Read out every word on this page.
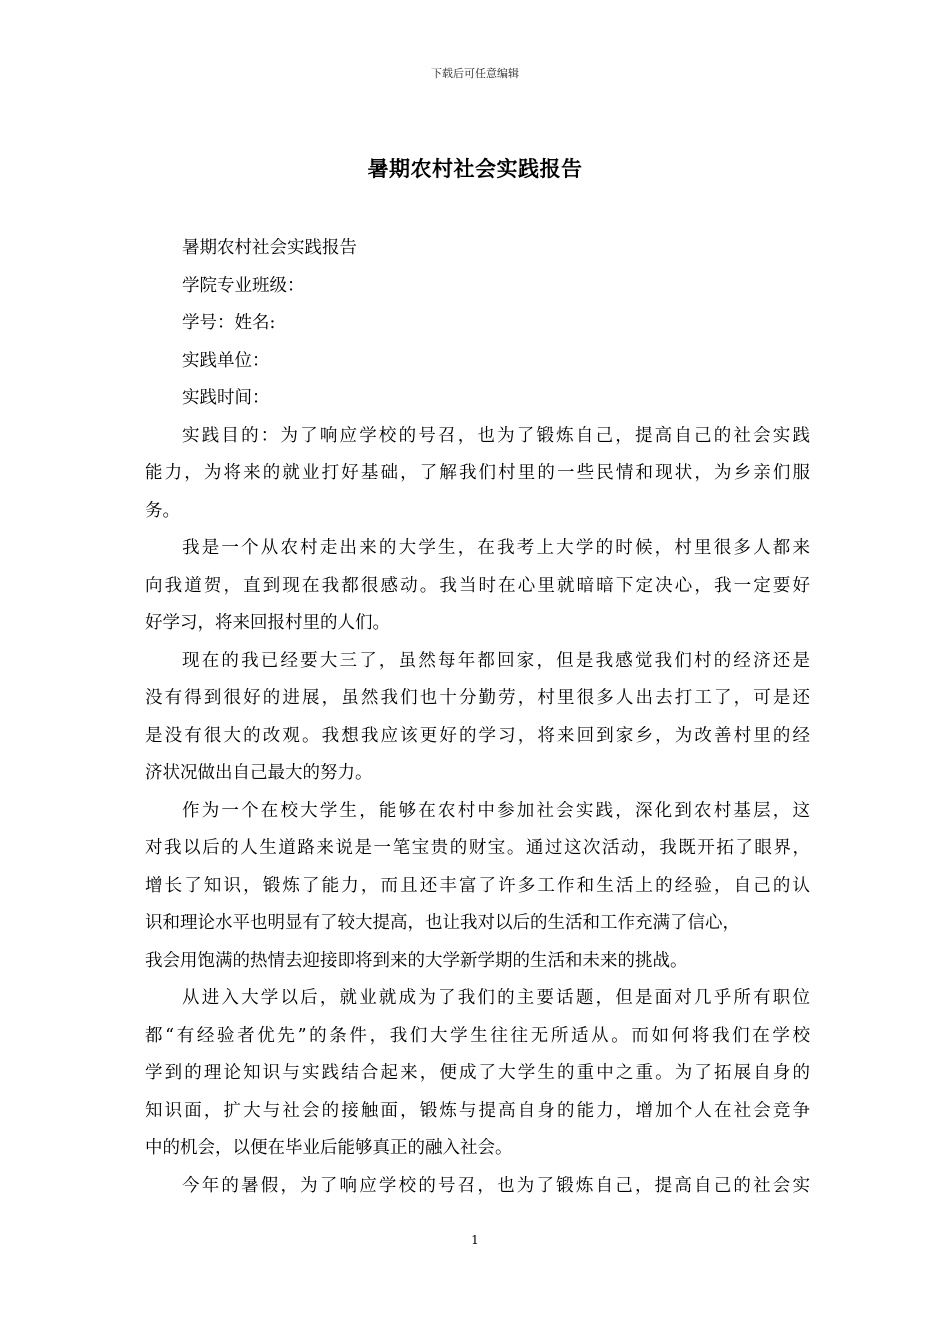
下载后可任意编辑
暑期农村社会实践报告
暑期农村社会实践报告
学院专业班级：
学号：姓名:
实践单位：
实践时间：
实践目的：为了响应学校的号召，也为了锻炼自己，提高自己的社会实践
能力，为将来的就业打好基础，了解我们村里的一些民情和现状，为乡亲们服
务。
我是一个从农村走出来的大学生，在我考上大学的时候，村里很多人都来
向我道贺，直到现在我都很感动。我当时在心里就暗暗下定决心，我一定要好
好学习，将来回报村里的人们。
现在的我已经要大三了，虽然每年都回家，但是我感觉我们村的经济还是
没有得到很好的进展，虽然我们也十分勤劳，村里很多人出去打工了，可是还
是没有很大的改观。我想我应该更好的学习，将来回到家乡，为改善村里的经
济状况做出自己最大的努力。
作为一个在校大学生，能够在农村中参加社会实践，深化到农村基层，这
对我以后的人生道路来说是一笔宝贵的财宝。通过这次活动，我既开拓了眼界，
增长了知识，锻炼了能力，而且还丰富了许多工作和生活上的经验，自己的认
识和理论水平也明显有了较大提高，也让我对以后的生活和工作充满了信心，
我会用饱满的热情去迎接即将到来的大学新学期的生活和未来的挑战。
从进入大学以后，就业就成为了我们的主要话题，但是面对几乎所有职位
都“有经验者优先”的条件，我们大学生往往无所适从。而如何将我们在学校
学到的理论知识与实践结合起来，便成了大学生的重中之重。为了拓展自身的
知识面，扩大与社会的接触面，锻炼与提高自身的能力，增加个人在社会竞争
中的机会，以便在毕业后能够真正的融入社会。
今年的暑假，为了响应学校的号召，也为了锻炼自己，提高自己的社会实
1
